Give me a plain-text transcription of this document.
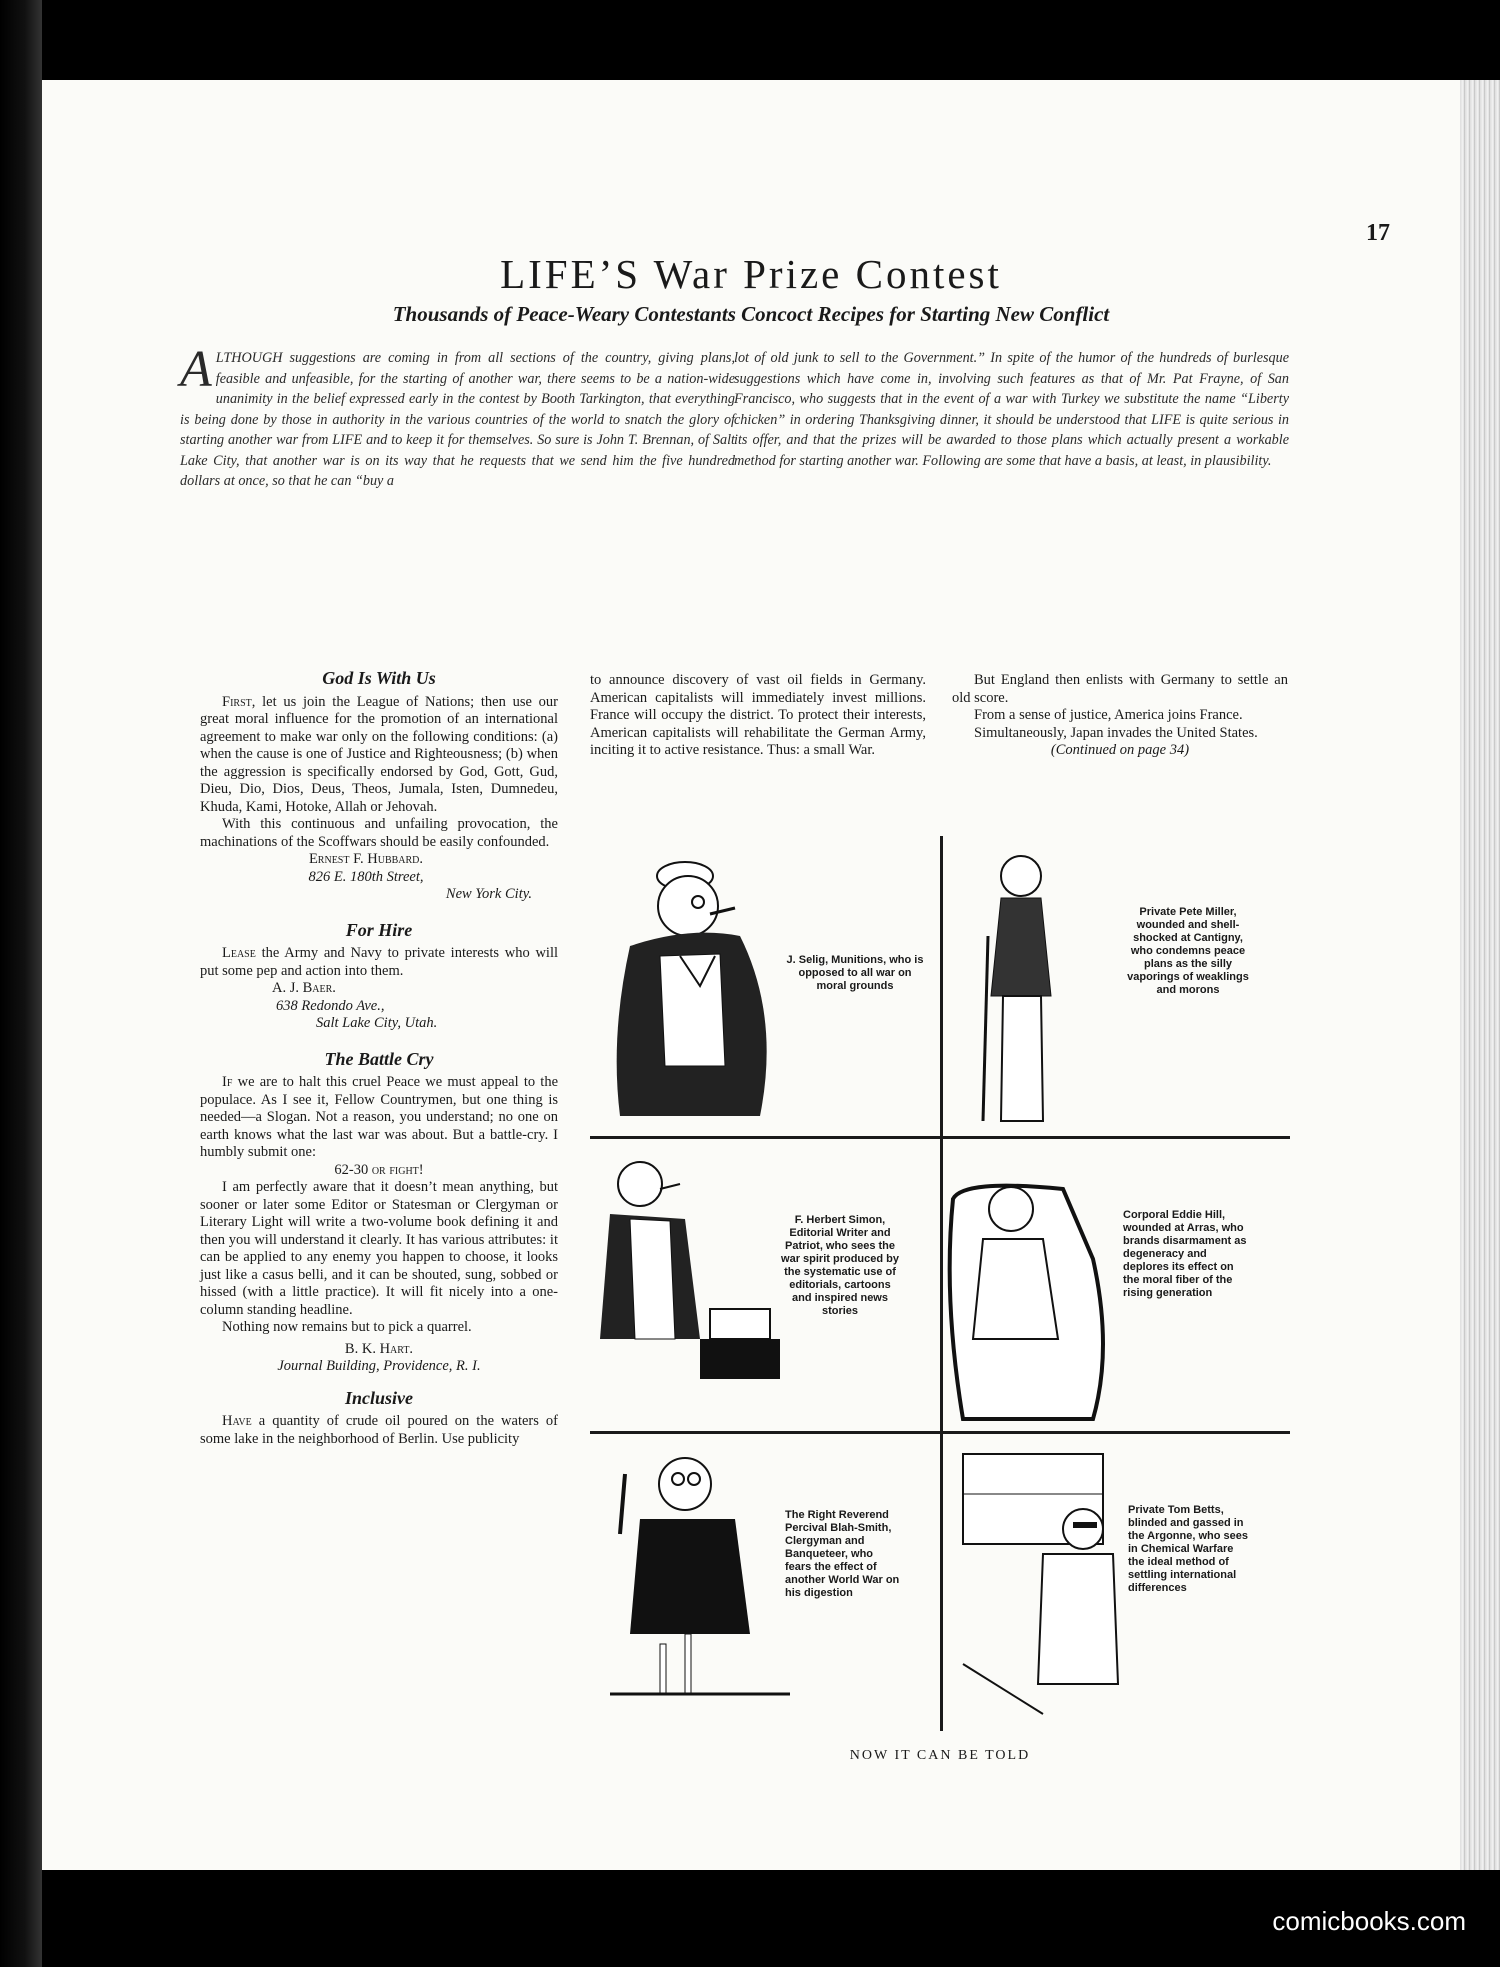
17
LIFE’S War Prize Contest
Thousands of Peace-Weary Contestants Concoct Recipes for Starting New Conflict
ALTHOUGH suggestions are coming in from all sections of the country, giving plans, feasible and unfeasible, for the starting of another war, there seems to be a nation-wide unanimity in the belief expressed early in the contest by Booth Tarkington, that everything is being done by those in authority in the various countries of the world to snatch the glory of starting another war from LIFE and to keep it for themselves. So sure is John T. Brennan, of Salt Lake City, that another war is on its way that he requests that we send him the five hundred dollars at once, so that he can “buy a
lot of old junk to sell to the Government.” In spite of the humor of the hundreds of burlesque suggestions which have come in, involving such features as that of Mr. Pat Frayne, of San Francisco, who suggests that in the event of a war with Turkey we substitute the name “Liberty chicken” in ordering Thanksgiving dinner, it should be understood that LIFE is quite serious in its offer, and that the prizes will be awarded to those plans which actually present a workable method for starting another war. Following are some that have a basis, at least, in plausibility.
God Is With Us

First, let us join the League of Nations; then use our great moral influence for the promotion of an international agreement to make war only on the following conditions: (a) when the cause is one of Justice and Righteousness; (b) when the aggression is specifically endorsed by God, Gott, Gud, Dieu, Dio, Dios, Deus, Theos, Jumala, Isten, Dumnedeu, Khuda, Kami, Hotoke, Allah or Jehovah.

With this continuous and unfailing provocation, the machinations of the Scoffwars should be easily confounded.

Ernest F. Hubbard.
826 E. 180th Street,
New York City.
For Hire

Lease the Army and Navy to private interests who will put some pep and action into them.

A. J. Baer.
638 Redondo Ave.,
Salt Lake City, Utah.
The Battle Cry

If we are to halt this cruel Peace we must appeal to the populace. As I see it, Fellow Countrymen, but one thing is needed—a Slogan. Not a reason, you understand; no one on earth knows what the last war was about. But a battle-cry. I humbly submit one:

62-30 or fight!

I am perfectly aware that it doesn’t mean anything, but sooner or later some Editor or Statesman or Clergyman or Literary Light will write a two-volume book defining it and then you will understand it clearly. It has various attributes: it can be applied to any enemy you happen to choose, it looks just like a casus belli, and it can be shouted, sung, sobbed or hissed (with a little practice). It will fit nicely into a one-column standing headline.

Nothing now remains but to pick a quarrel.

B. K. Hart.
Journal Building, Providence, R. I.
Inclusive

Have a quantity of crude oil poured on the waters of some lake in the neighborhood of Berlin. Use publicity

to announce discovery of vast oil fields in Germany. American capitalists will immediately invest millions. France will occupy the district. To protect their interests, American capitalists will rehabilitate the German Army, inciting it to active resistance. Thus: a small War.

But England then enlists with Germany to settle an old score.

From a sense of justice, America joins France.

Simultaneously, Japan invades the United States.

(Continued on page 34)
J. Selig, Munitions, who is opposed to all war on moral grounds
Private Pete Miller, wounded and shell-shocked at Cantigny, who condemns peace plans as the silly vaporings of weaklings and morons
F. Herbert Simon, Editorial Writer and Patriot, who sees the war spirit produced by the systematic use of editorials, cartoons and inspired news stories
Corporal Eddie Hill, wounded at Arras, who brands disarmament as degeneracy and deplores its effect on the moral fiber of the rising generation
The Right Reverend Percival Blah-Smith, Clergyman and Banqueteer, who fears the effect of another World War on his digestion
Private Tom Betts, blinded and gassed in the Argonne, who sees in Chemical Warfare the ideal method of settling international differences
NOW IT CAN BE TOLD
comicbooks.com
